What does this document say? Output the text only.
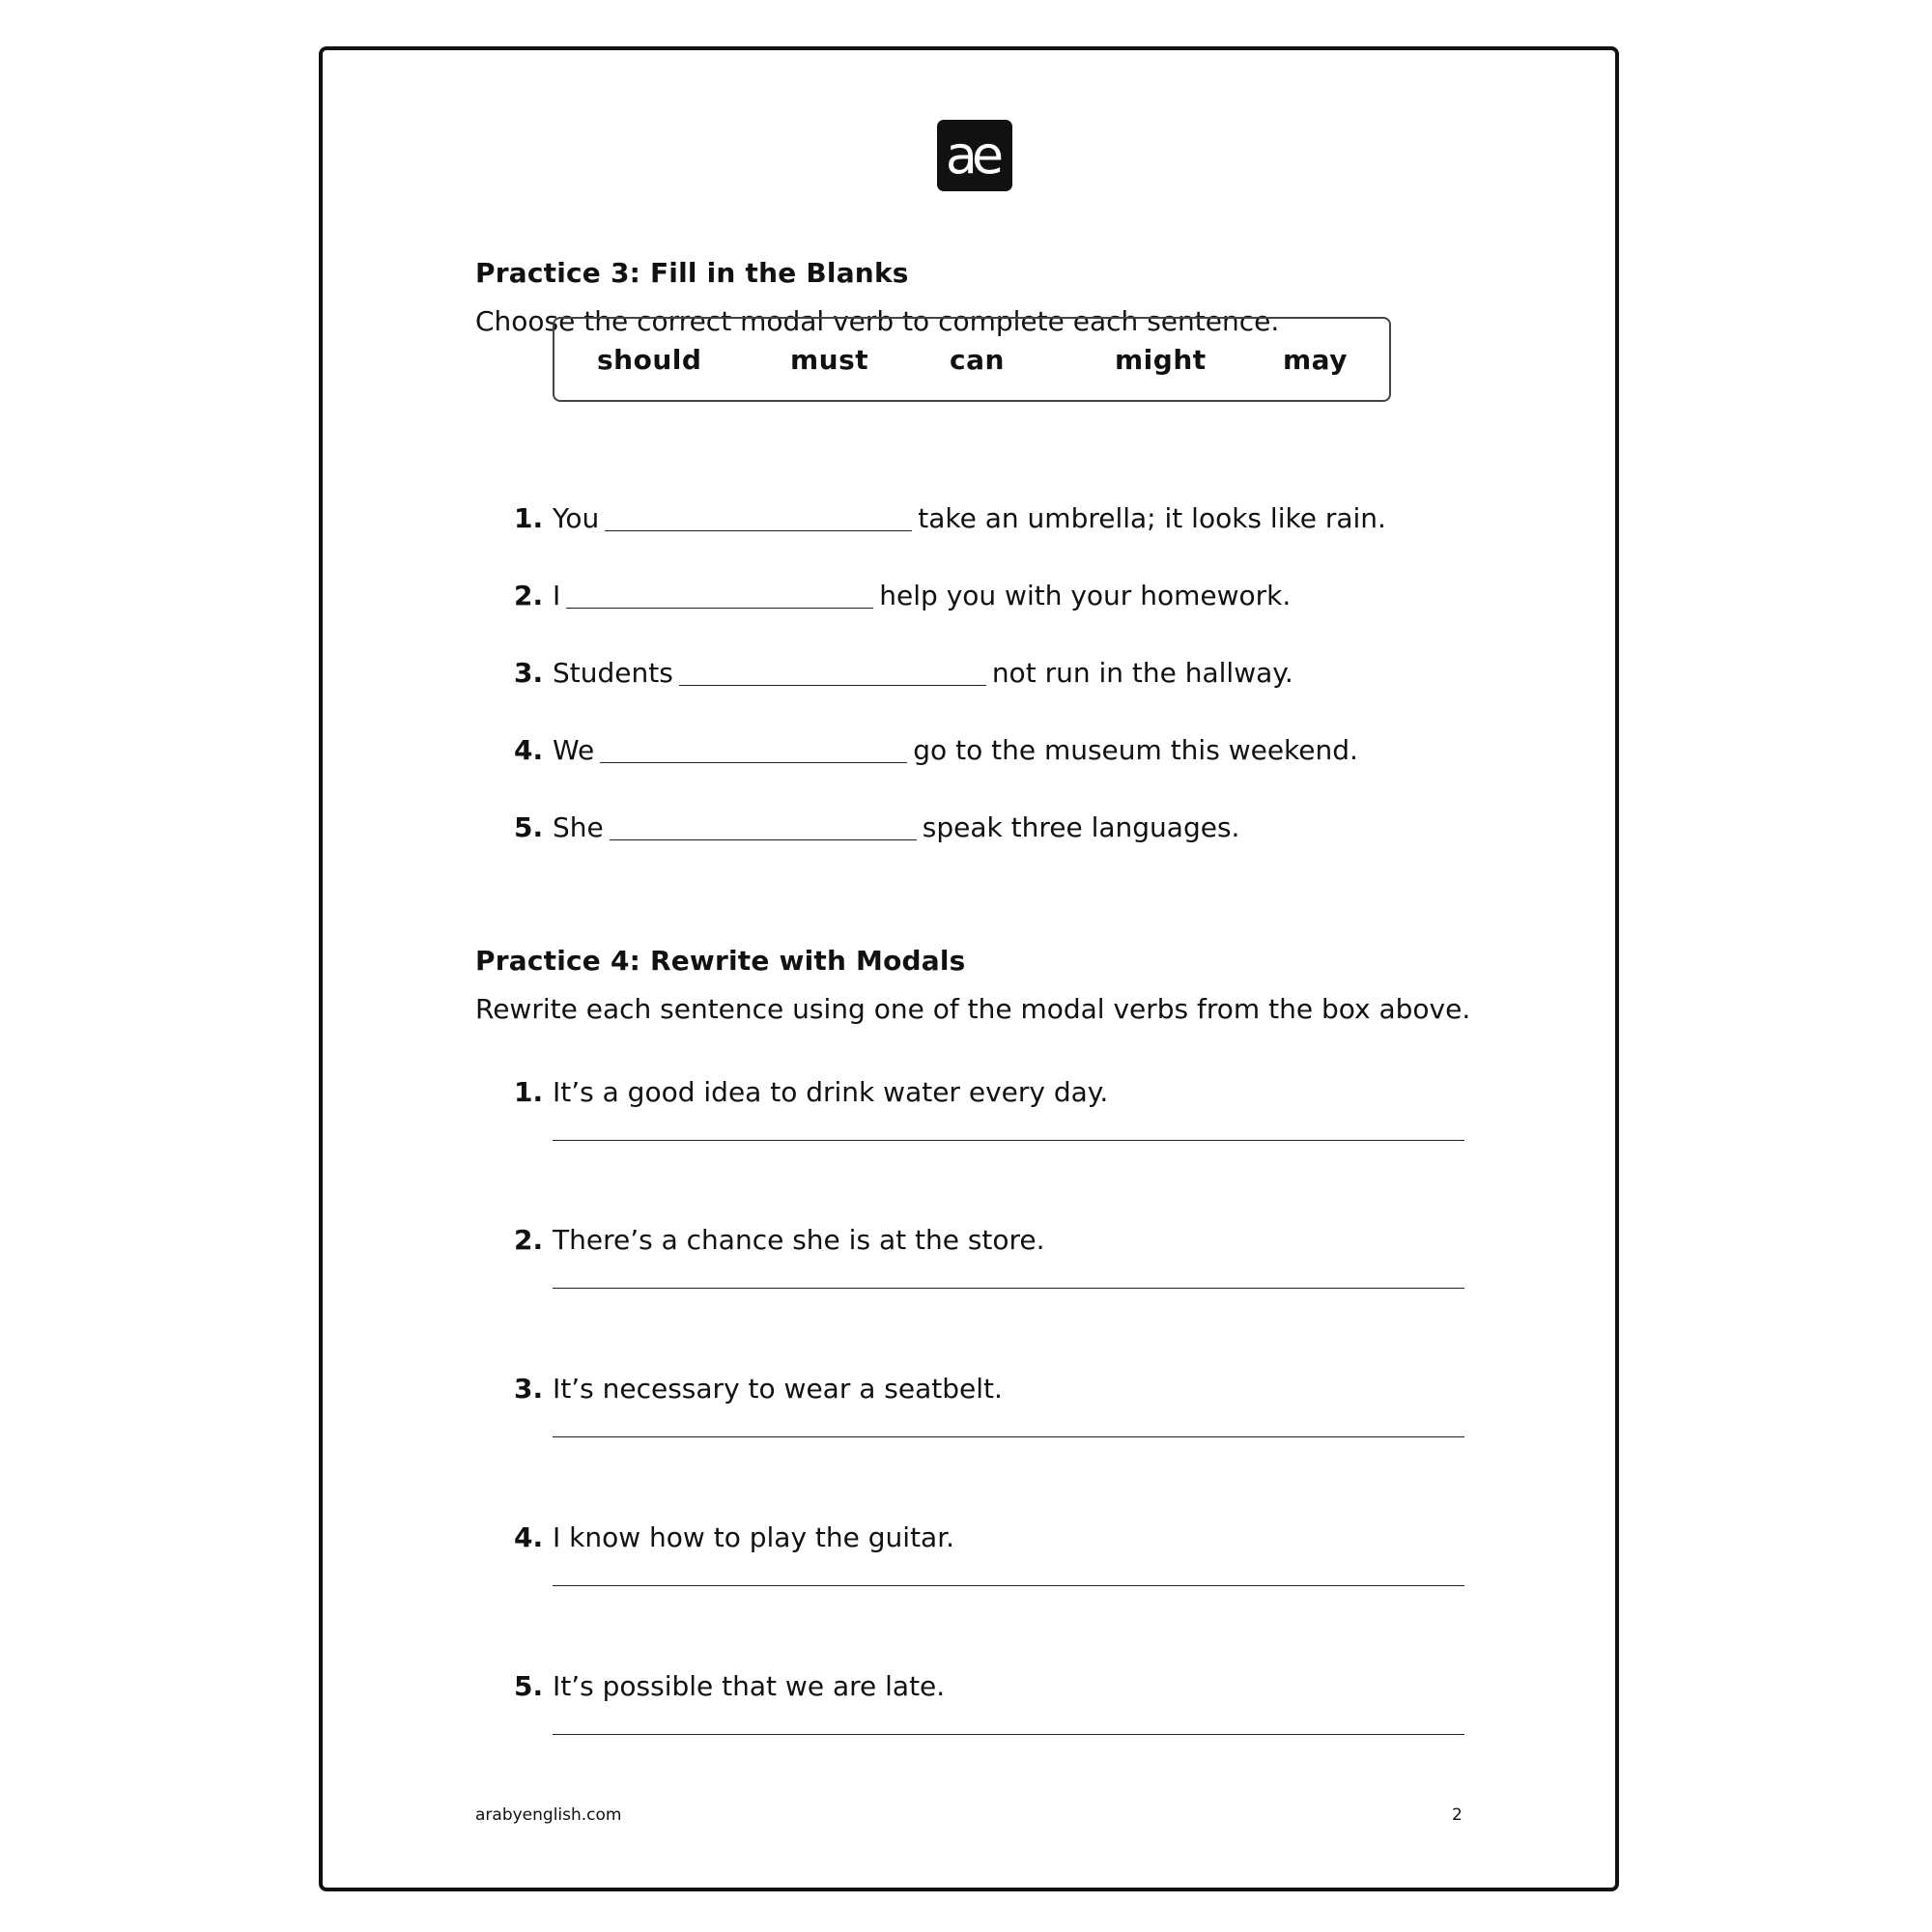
ae
Practice 3: Fill in the Blanks
Choose the correct modal verb to complete each sentence.
should	must	can	might	may
1. You	take an umbrella; it looks like rain.
2. I	help you with your homework.
3. Students	not run in the hallway.
4. We	go to the museum this weekend.
5. She	speak three languages.
Practice 4: Rewrite with Modals
Rewrite each sentence using one of the modal verbs from the box above.
1. It’s a good idea to drink water every day.
2. There’s a chance she is at the store.
3. It’s necessary to wear a seatbelt.
4. I know how to play the guitar.
5. It’s possible that we are late.
arabyenglish.com	2
